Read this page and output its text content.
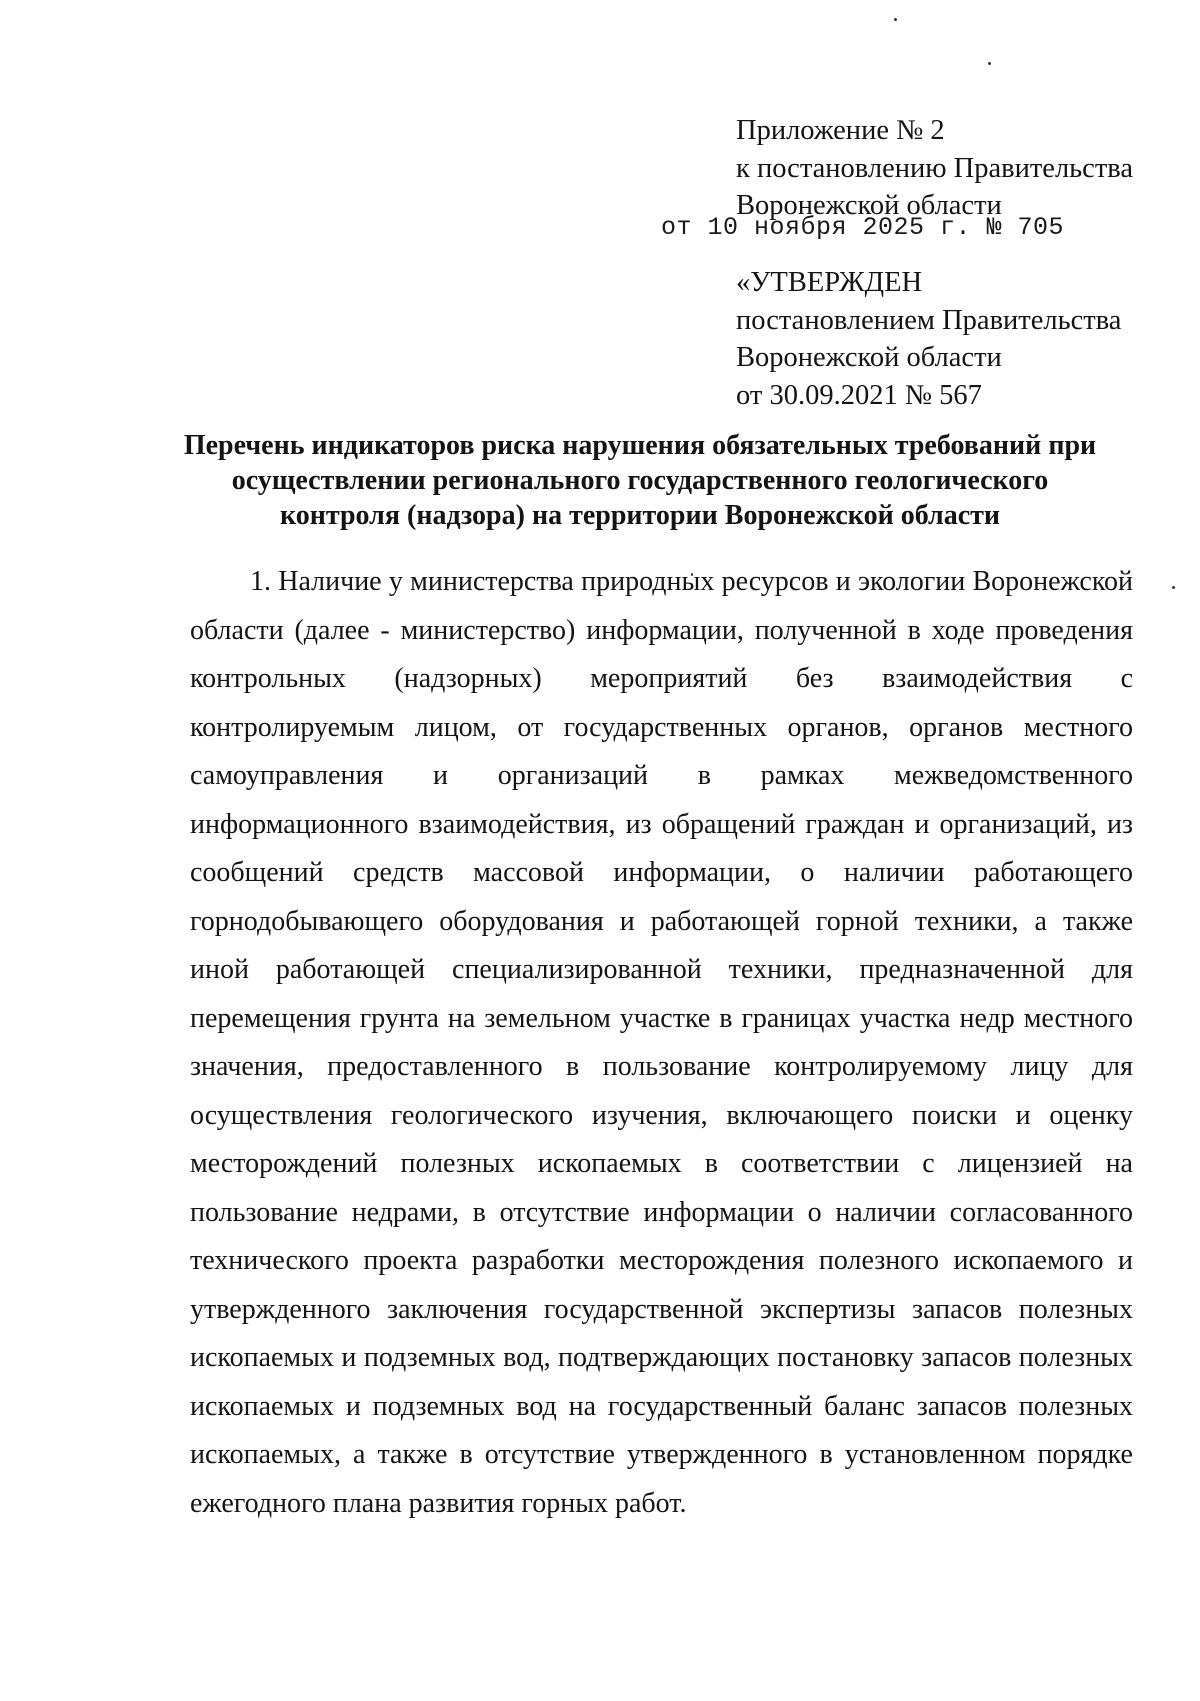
Приложение № 2
к постановлению Правительства
Воронежской области
от 10 ноября 2025 г. № 705
«УТВЕРЖДЕН
постановлением Правительства
Воронежской области
от 30.09.2021 № 567
Перечень индикаторов риска нарушения обязательных требований при
осуществлении регионального государственного геологического
контроля (надзора) на территории Воронежской области
1. Наличие у министерства природных ресурсов и экологии Воронежской
области (далее - министерство) информации, полученной в ходе проведения
контрольных (надзорных) мероприятий без взаимодействия с
контролируемым лицом, от государственных органов, органов местного
самоуправления и организаций в рамках межведомственного
информационного взаимодействия, из обращений граждан и организаций, из
сообщений средств массовой информации, о наличии работающего
горнодобывающего оборудования и работающей горной техники, а также
иной работающей специализированной техники, предназначенной для
перемещения грунта на земельном участке в границах участка недр местного
значения, предоставленного в пользование контролируемому лицу для
осуществления геологического изучения, включающего поиски и оценку
месторождений полезных ископаемых в соответствии с лицензией на
пользование недрами, в отсутствие информации о наличии согласованного
технического проекта разработки месторождения полезного ископаемого и
утвержденного заключения государственной экспертизы запасов полезных
ископаемых и подземных вод, подтверждающих постановку запасов полезных
ископаемых и подземных вод на государственный баланс запасов полезных
ископаемых, а также в отсутствие утвержденного в установленном порядке
ежегодного плана развития горных работ.
